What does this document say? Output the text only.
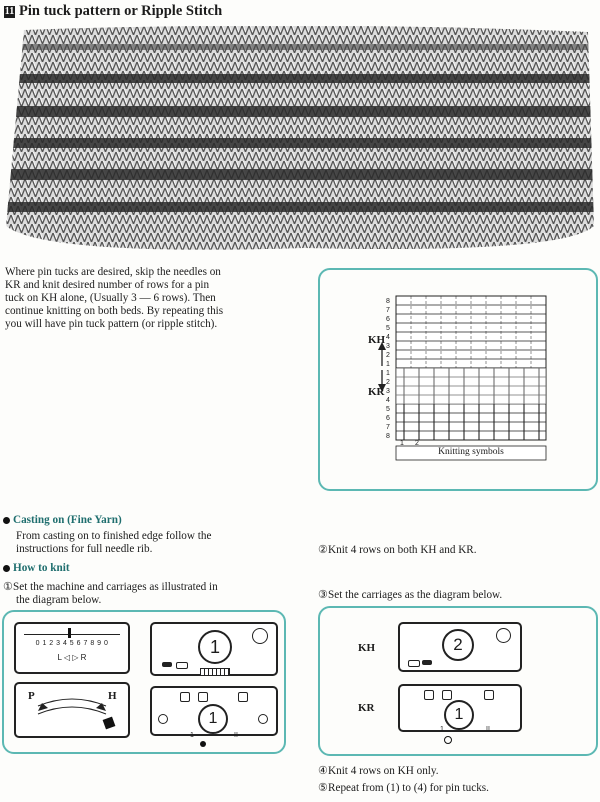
11 Pin tuck pattern or Ripple Stitch
Where pin tucks are desired, skip the needles on
KR and knit desired number of rows for a pin
tuck on KH alone, (Usually 3 — 6 rows). Then
continue knitting on both beds. By repeating this
you will have pin tuck pattern (or ripple stitch).
8
7
6
5
4
3
2
1
1
2
3
4
5
6
7
8
KH
KR
1 2
Knitting symbols
Casting on (Fine Yarn)
From casting on to finished edge follow the
instructions for full needle rib.
How to knit
①Set the machine and carriages as illustrated in
the diagram below.
②Knit 4 rows on both KH and KR.
③Set the carriages as the diagram below.
0 1 2 3 4 5 6 7 8 9 0
L ◁ ▷ R
P	H
1
1
1	II
KH
KR
2
1
1	II
④Knit 4 rows on KH only.
⑤Repeat from (1) to (4) for pin tucks.
